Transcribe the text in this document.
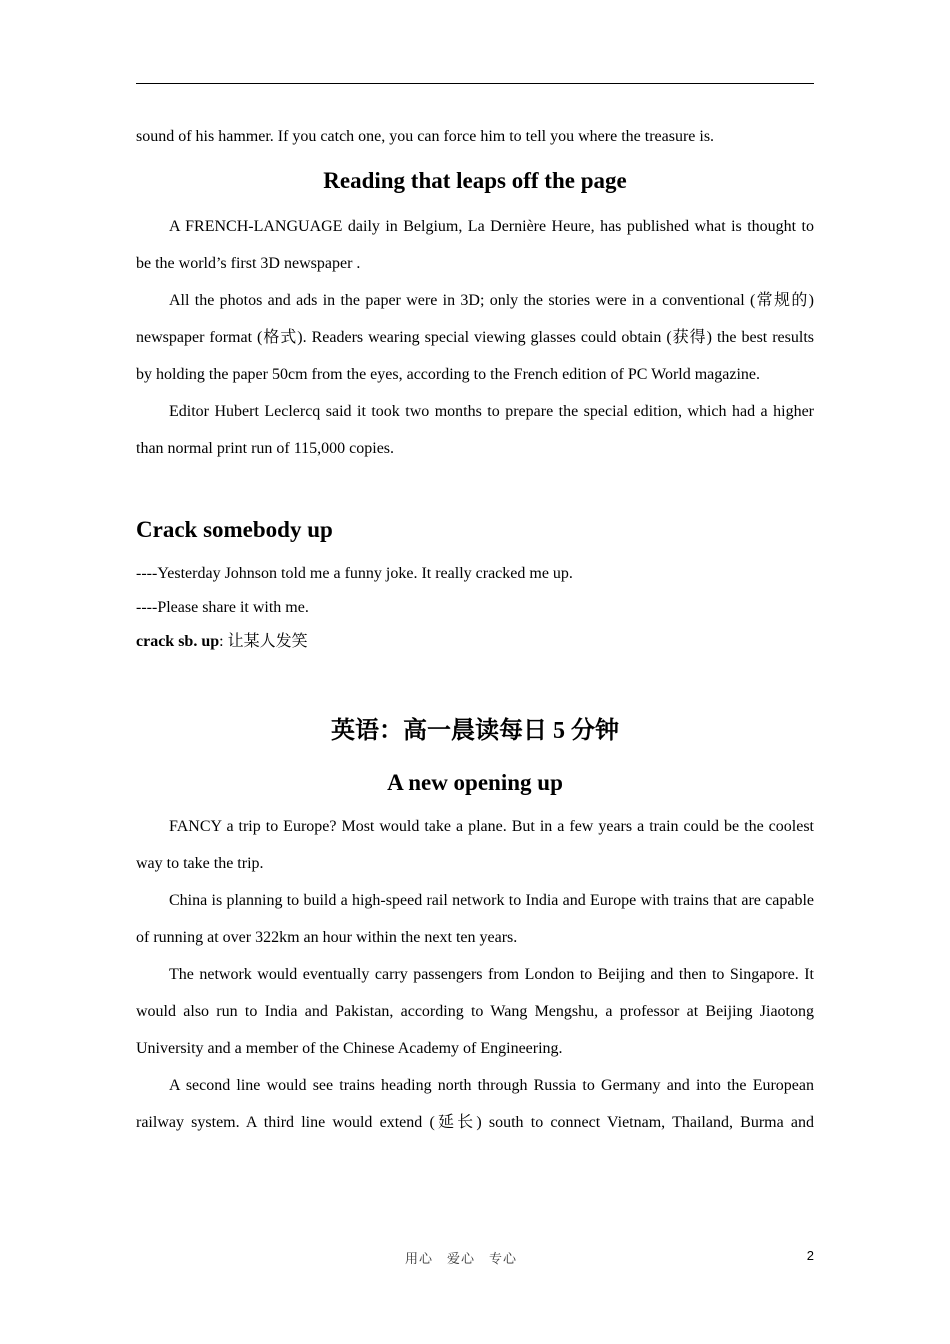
sound of his hammer. If you catch one, you can force him to tell you where the treasure is.

Reading that leaps off the page

A FRENCH-LANGUAGE daily in Belgium, La Dernière Heure, has published what is thought to be the world’s first 3D newspaper .

All the photos and ads in the paper were in 3D; only the stories were in a conventional (常规的) newspaper format (格式). Readers wearing special viewing glasses could obtain (获得) the best results by holding the paper 50cm from the eyes, according to the French edition of PC World magazine.

Editor Hubert Leclercq said it took two months to prepare the special edition, which had a higher than normal print run of 115,000 copies.

Crack somebody up

----Yesterday Johnson told me a funny joke. It really cracked me up.

----Please share it with me.

crack sb. up: 让某人发笑

英语：高一晨读每日 5 分钟
A new opening up

FANCY a trip to Europe? Most would take a plane. But in a few years a train could be the coolest way to take the trip.

China is planning to build a high-speed rail network to India and Europe with trains that are capable of running at over 322km an hour within the next ten years.

The network would eventually carry passengers from London to Beijing and then to Singapore. It would also run to India and Pakistan, according to Wang Mengshu, a professor at Beijing Jiaotong University and a member of the Chinese Academy of Engineering.

A second line would see trains heading north through Russia to Germany and into the European railway system. A third line would extend (延长) south to connect Vietnam, Thailand, Burma and

用心　爱心　专心	2
